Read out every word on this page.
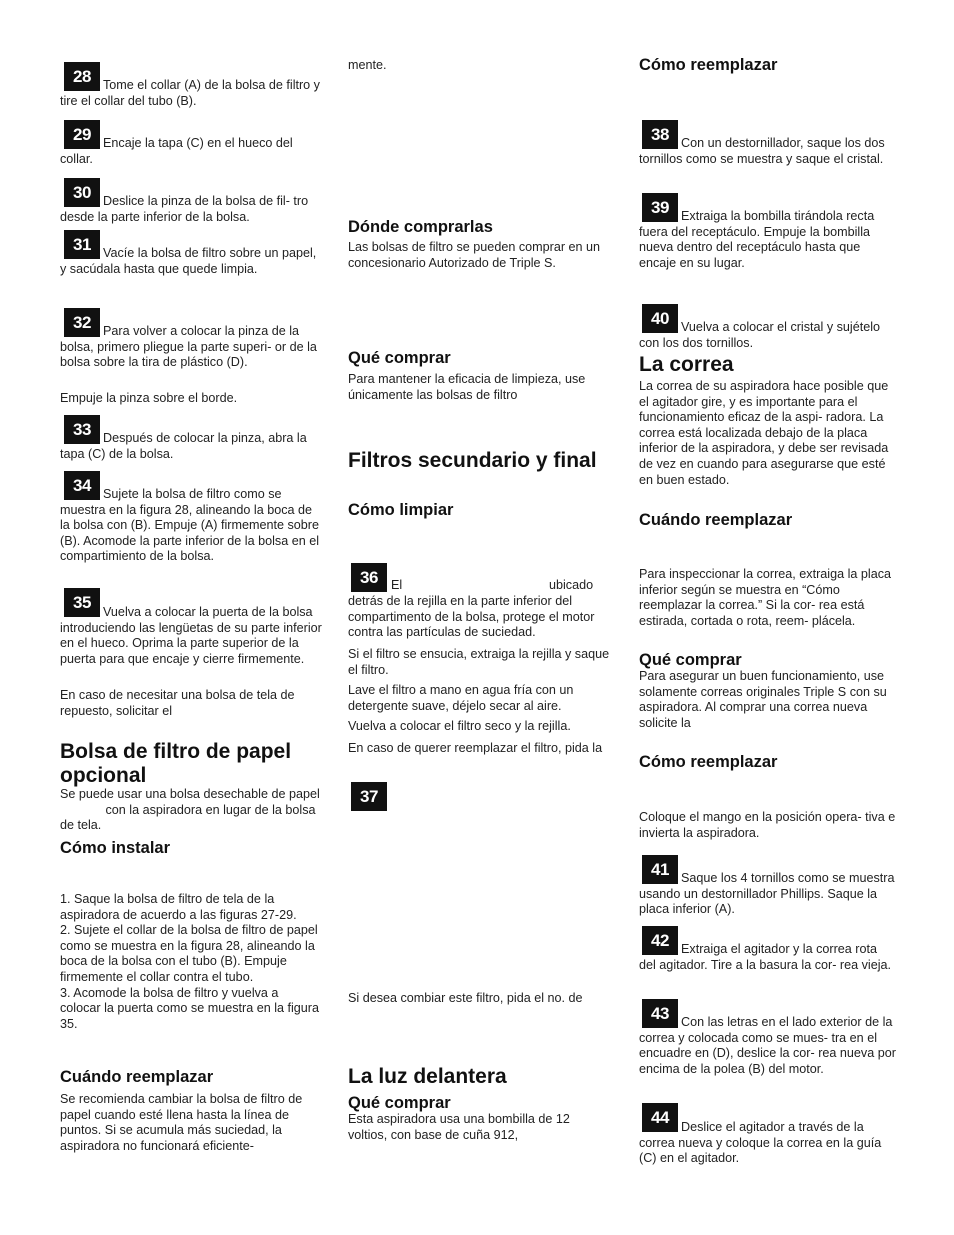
28 Tome el collar (A) de la bolsa de filtro y tire el collar del tubo (B).
29 Encaje la tapa (C) en el hueco del collar.
30 Deslice la pinza de la bolsa de fil- tro desde la parte inferior de la bolsa.
31 Vacíe la bolsa de filtro sobre un papel, y sacúdala hasta que quede limpia.
32 Para volver a colocar la pinza de la bolsa, primero pliegue la parte superi- or de la bolsa sobre la tira de plástico (D).
Empuje la pinza sobre el borde.
33 Después de colocar la pinza, abra la tapa (C) de la bolsa.
34 Sujete la bolsa de filtro como se muestra en la figura 28, alineando la boca de la bolsa con (B). Empuje (A) firmemente sobre (B). Acomode la parte inferior de la bolsa en el compartimiento de la bolsa.
35 Vuelva a colocar la puerta de la bolsa introduciendo las lengüetas de su parte inferior en el hueco. Oprima la parte superior de la puerta para que encaje y cierre firmemente.
En caso de necesitar una bolsa de tela de repuesto, solicitar el
Bolsa de filtro de papel opcional
Se puede usar una bolsa desechable de papel              con la aspiradora en lugar de la bolsa de tela.
Cómo instalar

1. Saque la bolsa de filtro de tela de la aspiradora de acuerdo a las figuras 27-29.

2. Sujete el collar de la bolsa de filtro de papel como se muestra en la figura 28, alineando la boca de la bolsa con el tubo (B). Empuje firmemente el collar contra el tubo.

3. Acomode la bolsa de filtro y vuelva a colocar la puerta como se muestra en la figura 35.

Cuándo reemplazar
Se recomienda cambiar la bolsa de filtro de papel cuando esté llena hasta la línea de puntos. Si se acumula más suciedad, la aspiradora no funcionará eficiente-
mente.
Dónde comprarlas
Las bolsas de filtro se pueden comprar en un concesionario Autorizado de Triple S.
Qué comprar
Para mantener la eficacia de limpieza, use únicamente las bolsas de filtro
Filtros secundario y final
Cómo limpiar
36	El	ubicado
detrás de la rejilla en la parte inferior del compartimento de la bolsa, protege el motor contra las partículas de suciedad.
Si el filtro se ensucia, extraiga la rejilla y saque el filtro.
Lave el filtro a mano en agua fría con un detergente suave, déjelo secar al aire.
Vuelva a colocar el filtro seco y la rejilla.
En caso de querer reemplazar el filtro, pida la
37
Si desea combiar este filtro, pida el no. de
La luz delantera
Qué comprar
Esta aspiradora usa una bombilla de 12 voltios, con base de cuña 912,
Cómo reemplazar
38 Con un destornillador, saque los dos tornillos como se muestra y saque el cristal.
39 Extraiga la bombilla tirándola recta fuera del receptáculo. Empuje la bombilla nueva dentro del receptáculo hasta que encaje en su lugar.
40 Vuelva a colocar el cristal y sujételo con los dos tornillos.
La correa
La correa de su aspiradora hace posible que el agitador gire, y es importante para el funcionamiento eficaz de la aspi- radora. La correa está localizada debajo de la placa inferior de la aspiradora, y debe ser revisada de vez en cuando para asegurarse que esté en buen estado.
Cuándo reemplazar
Para inspeccionar la correa, extraiga la placa inferior según se muestra en “Cómo reemplazar la correa.” Si la cor- rea está estirada, cortada o rota, reem- plácela.
Qué comprar
Para asegurar un buen funcionamiento, use solamente correas originales Triple S con su aspiradora. Al comprar una correa nueva solicite la
Cómo reemplazar
Coloque el mango en la posición opera- tiva e invierta la aspiradora.
41 Saque los 4 tornillos como se muestra usando un destornillador Phillips. Saque la placa inferior (A).
42 Extraiga el agitador y la correa rota del agitador. Tire a la basura la cor- rea vieja.
43 Con las letras en el lado exterior de la correa y colocada como se mues- tra en el encuadre en (D), deslice la cor- rea nueva por encima de la polea (B) del motor.
44 Deslice el agitador a través de la correa nueva y coloque la correa en la guía (C) en el agitador.
